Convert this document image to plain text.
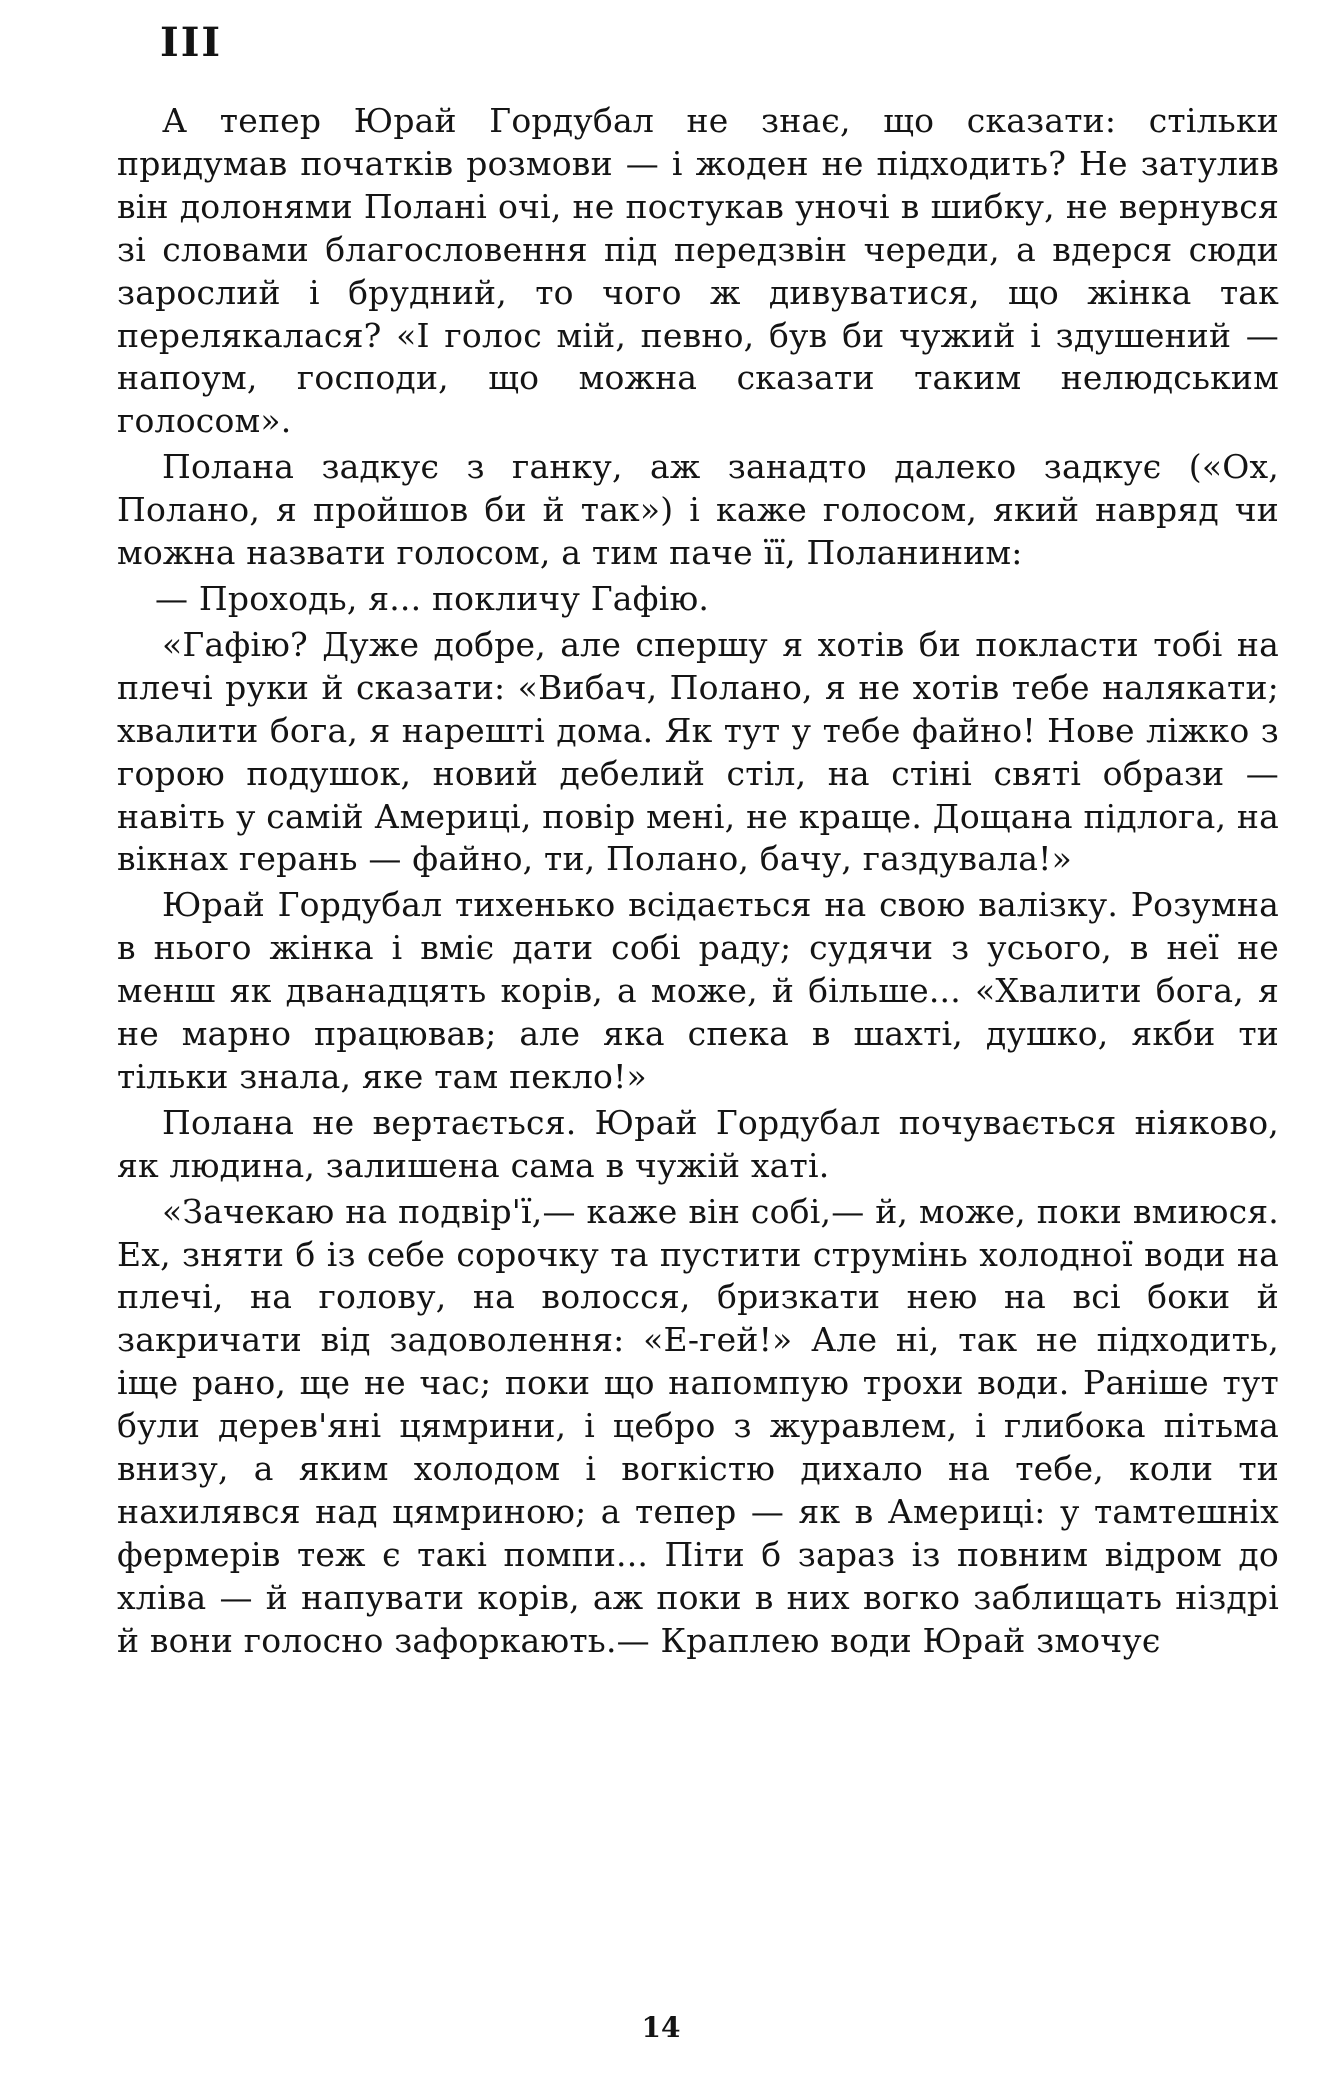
III

А тепер Юрай Гордубал не знає, що сказати: стільки придумав початків розмови — і жоден не підходить? Не затулив він долонями Полані очі, не постукав уночі в шибку, не вернувся зі словами благословення під передзвін череди, а вдерся сюди зарослий і брудний, то чого ж дивуватися, що жінка так перелякалася? «І голос мій, певно, був би чужий і здушений — напоум, господи, що можна сказати таким нелюдським голосом».

Полана задкує з ганку, аж занадто далеко задкує («Ох, Полано, я пройшов би й так») і каже голосом, який навряд чи можна назвати голосом, а тим паче її, Поланиним:

— Проходь, я... покличу Гафію.

«Гафію? Дуже добре, але спершу я хотів би покласти тобі на плечі руки й сказати: «Вибач, Полано, я не хотів тебе налякати; хвалити бога, я нарешті дома. Як тут у тебе файно! Нове ліжко з горою подушок, новий дебелий стіл, на стіні святі образи — навіть у самій Америці, повір мені, не краще. Дощана підлога, на вікнах герань — файно, ти, Полано, бачу, газдувала!»

Юрай Гордубал тихенько всідається на свою валізку. Розумна в нього жінка і вміє дати собі раду; судячи з усього, в неї не менш як дванадцять корів, а може, й більше... «Хвалити бога, я не марно працював; але яка спека в шахті, душко, якби ти тільки знала, яке там пекло!»

Полана не вертається. Юрай Гордубал почувається ніяково, як людина, залишена сама в чужій хаті.

«Зачекаю на подвір'ї,— каже він собі,— й, може, поки вмиюся. Ех, зняти б із себе сорочку та пустити струмінь холодної води на плечі, на голову, на волосся, бризкати нею на всі боки й закричати від задоволення: «Е-гей!» Але ні, так не підходить, іще рано, ще не час; поки що напомпую трохи води. Раніше тут були дерев'яні цямрини, і цебро з журавлем, і глибока пітьма внизу, а яким холодом і вогкістю дихало на тебе, коли ти нахилявся над цямриною; а тепер — як в Америці: у тамтешніх фермерів теж є такі помпи... Піти б зараз із повним відром до хліва — й напувати корів, аж поки в них вогко заблищать ніздрі й вони голосно зафоркають.— Краплею води Юрай змочує

14
